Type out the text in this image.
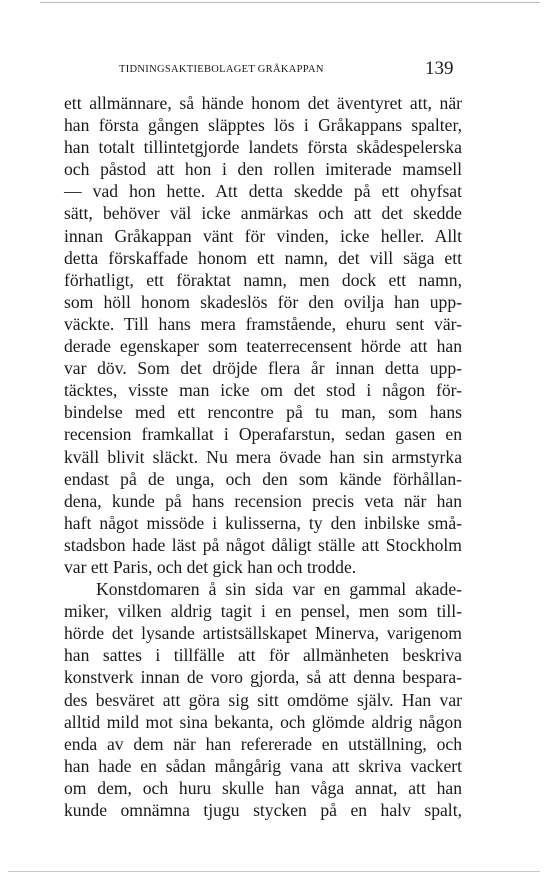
TIDNINGSAKTIEBOLAGET GRÅKAPPAN	139
ett allmännare, så hände honom det äventyret att, när
han första gången släpptes lös i Gråkappans spalter,
han totalt tillintetgjorde landets första skådespelerska
och påstod att hon i den rollen imiterade mamsell
— vad hon hette. Att detta skedde på ett ohyfsat
sätt, behöver väl icke anmärkas och att det skedde
innan Gråkappan vänt för vinden, icke heller. Allt
detta förskaffade honom ett namn, det vill säga ett
förhatligt, ett föraktat namn, men dock ett namn,
som höll honom skadeslös för den ovilja han upp-
väckte. Till hans mera framstående, ehuru sent vär-
derade egenskaper som teaterrecensent hörde att han
var döv. Som det dröjde flera år innan detta upp-
täcktes, visste man icke om det stod i någon för-
bindelse med ett rencontre på tu man, som hans
recension framkallat i Operafarstun, sedan gasen en
kväll blivit släckt. Nu mera övade han sin armstyrka
endast på de unga, och den som kände förhållan-
dena, kunde på hans recension precis veta när han
haft något missöde i kulisserna, ty den inbilske små-
stadsbon hade läst på något dåligt ställe att Stockholm
var ett Paris, och det gick han och trodde.
Konstdomaren å sin sida var en gammal akade-
miker, vilken aldrig tagit i en pensel, men som till-
hörde det lysande artistsällskapet Minerva, varigenom
han sattes i tillfälle att för allmänheten beskriva
konstverk innan de voro gjorda, så att denna bespara-
des besväret att göra sig sitt omdöme själv. Han var
alltid mild mot sina bekanta, och glömde aldrig någon
enda av dem när han refererade en utställning, och
han hade en sådan mångårig vana att skriva vackert
om dem, och huru skulle han våga annat, att han
kunde omnämna tjugu stycken på en halv spalt,
